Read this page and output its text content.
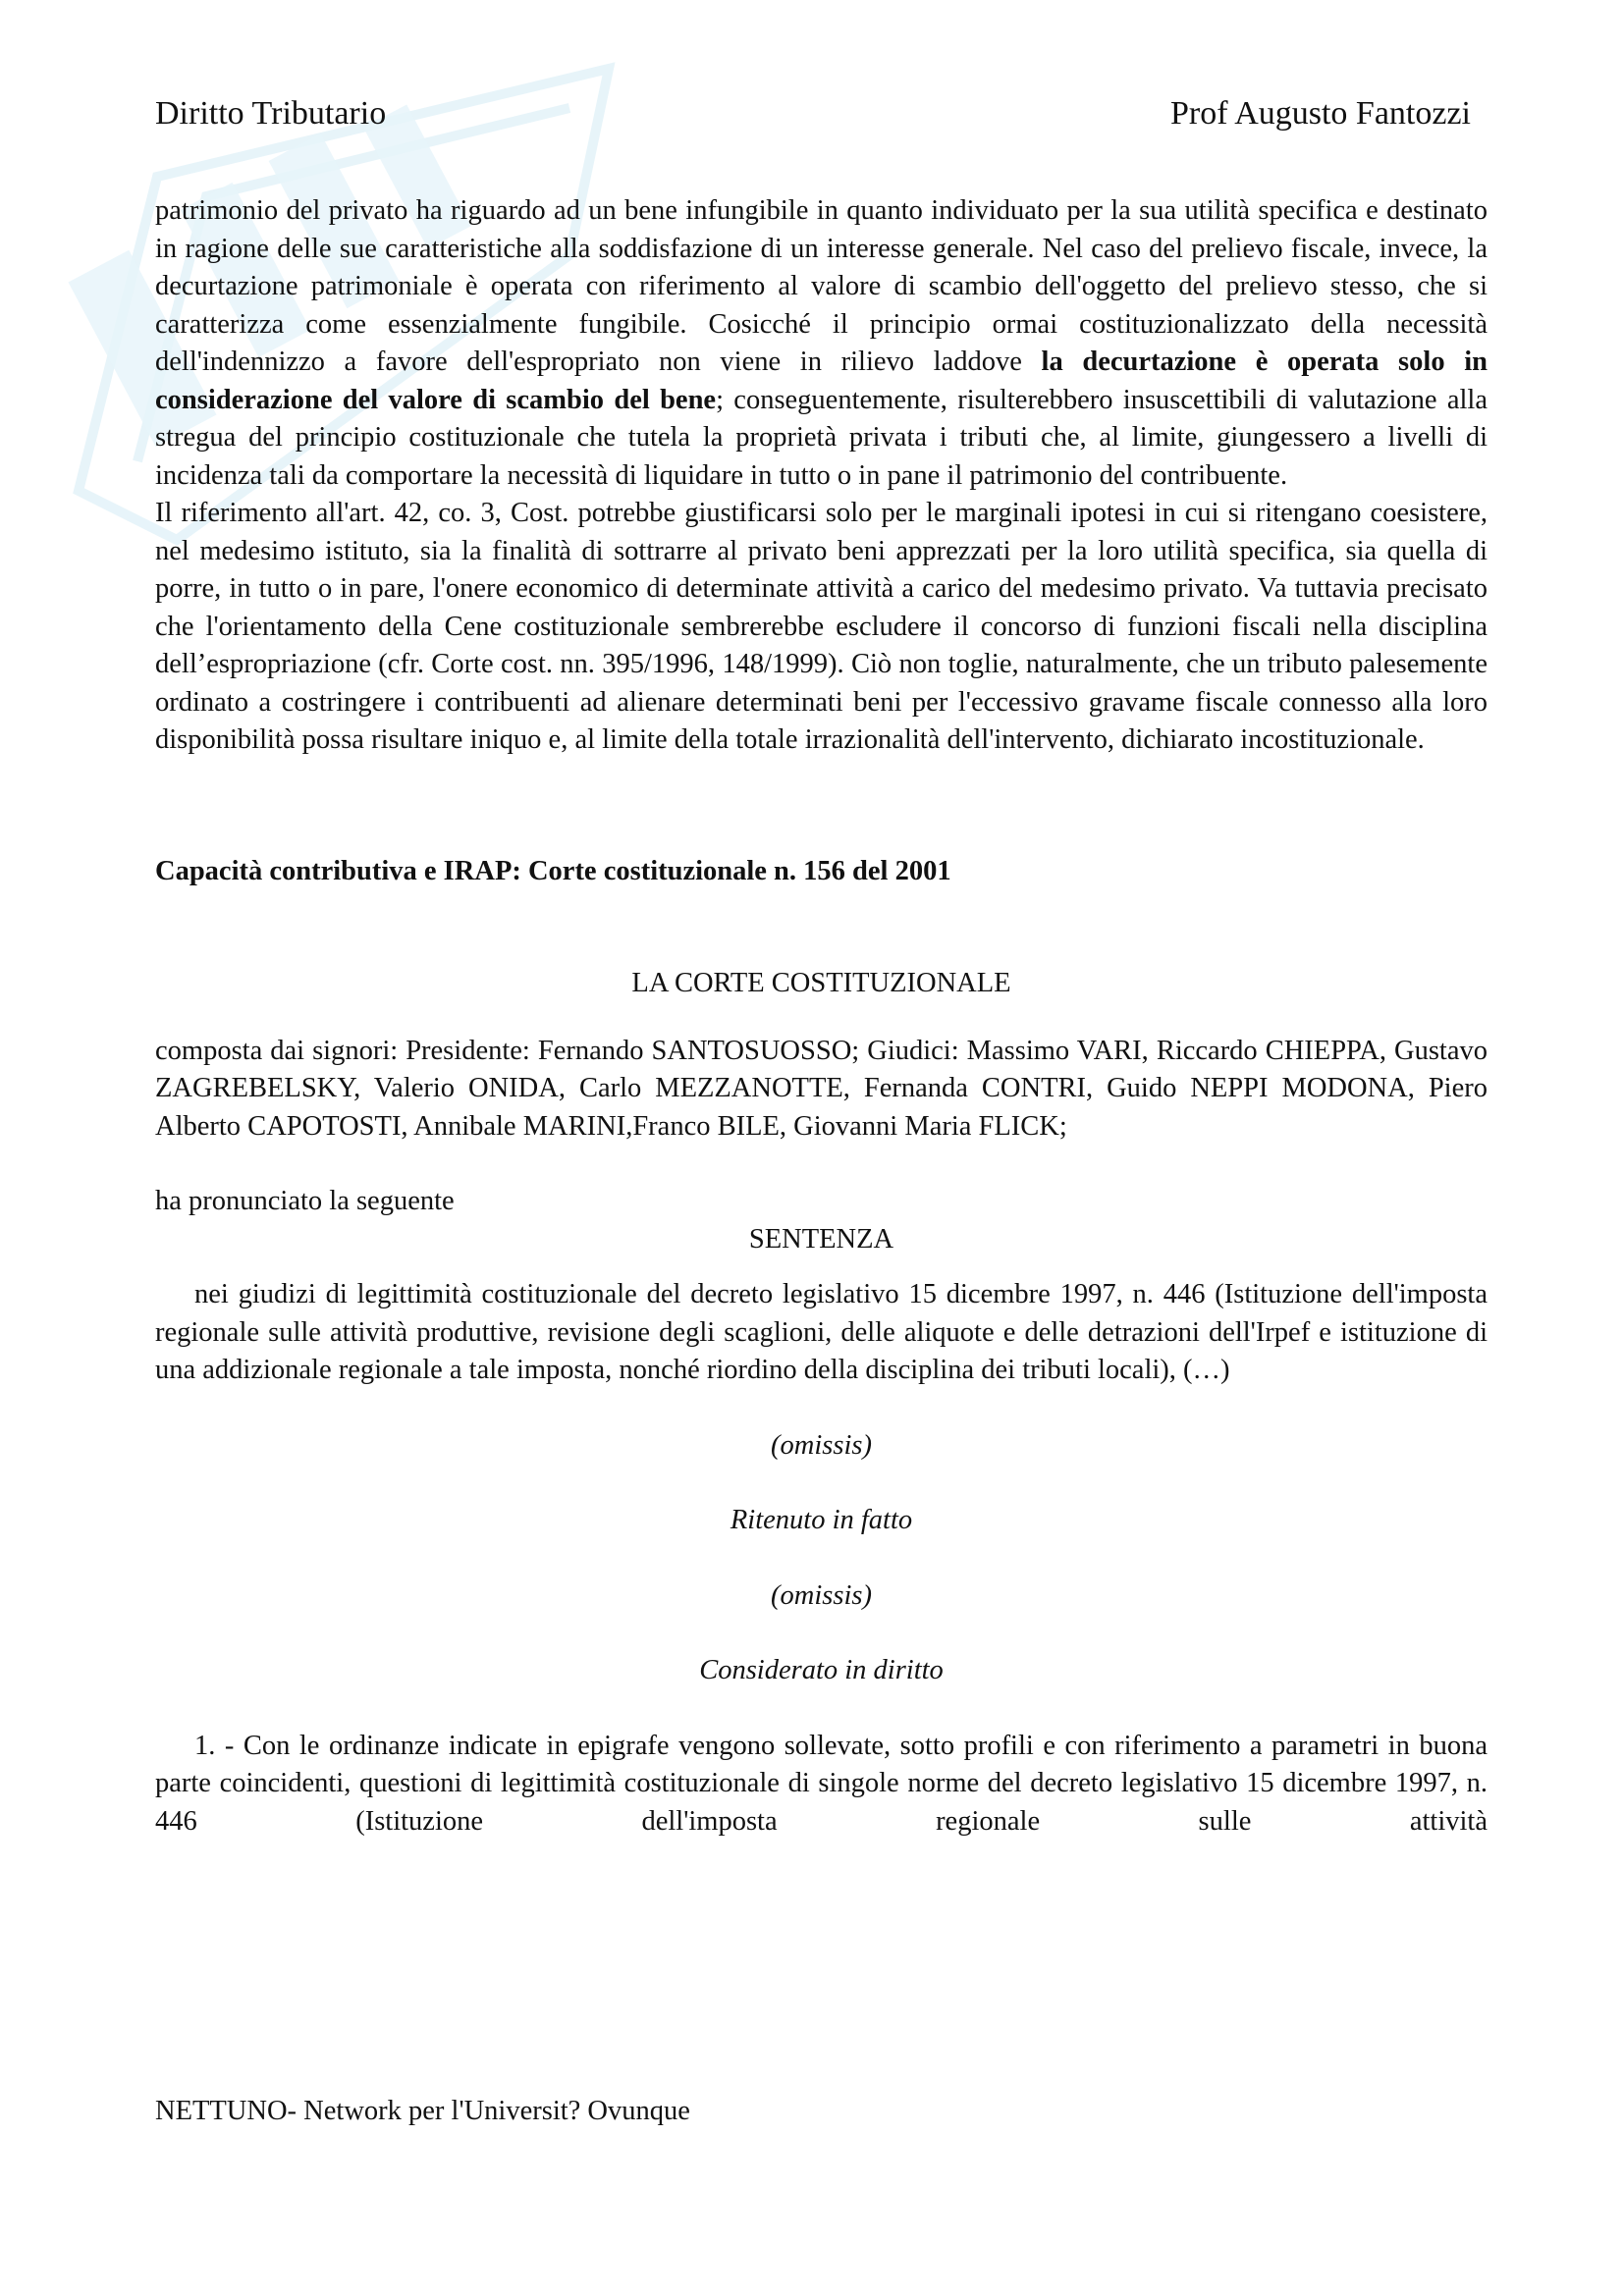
Diritto Tributario	Prof Augusto Fantozzi

patrimonio del privato ha riguardo ad un bene infungibile in quanto individuato per la sua utilità specifica e destinato in ragione delle sue caratteristiche alla soddisfazione di un interesse generale. Nel caso del prelievo fiscale, invece, la decurtazione patrimoniale è operata con riferimento al valore di scambio dell'oggetto del prelievo stesso, che si caratterizza come essenzialmente fungibile. Cosicché il principio ormai costituzionalizzato della necessità dell'indennizzo a favore dell'espropriato non viene in rilievo laddove la decurtazione è operata solo in considerazione del valore di scambio del bene; conseguentemente, risulterebbero insuscettibili di valutazione alla stregua del principio costituzionale che tutela la proprietà privata i tributi che, al limite, giungessero a livelli di incidenza tali da comportare la necessità di liquidare in tutto o in pane il patrimonio del contribuente.

Il riferimento all'art. 42, co. 3, Cost. potrebbe giustificarsi solo per le marginali ipotesi in cui si ritengano coesistere, nel medesimo istituto, sia la finalità di sottrarre al privato beni apprezzati per la loro utilità specifica, sia quella di porre, in tutto o in pare, l'onere economico di determinate attività a carico del medesimo privato. Va tuttavia precisato che l'orientamento della Cene costituzionale sembrerebbe escludere il concorso di funzioni fiscali nella disciplina dell’espropriazione (cfr. Corte cost. nn. 395/1996, 148/1999). Ciò non toglie, naturalmente, che un tributo palesemente ordinato a costringere i contribuenti ad alienare determinati beni per l'eccessivo gravame fiscale connesso alla loro disponibilità possa risultare iniquo e, al limite della totale irrazionalità dell'intervento, dichiarato incostituzionale.

Capacità contributiva e IRAP: Corte costituzionale n. 156 del 2001

LA CORTE COSTITUZIONALE

composta dai signori: Presidente: Fernando SANTOSUOSSO; Giudici: Massimo VARI, Riccardo CHIEPPA, Gustavo ZAGREBELSKY, Valerio ONIDA, Carlo MEZZANOTTE, Fernanda CONTRI, Guido NEPPI MODONA, Piero Alberto CAPOTOSTI, Annibale MARINI,Franco BILE, Giovanni Maria FLICK;

ha pronunciato la seguente

SENTENZA

nei giudizi di legittimità costituzionale del decreto legislativo 15 dicembre 1997, n. 446 (Istituzione dell'imposta regionale sulle attività produttive, revisione degli scaglioni, delle aliquote e delle detrazioni dell'Irpef e istituzione di una addizionale regionale a tale imposta, nonché riordino della disciplina dei tributi locali), (…)

(omissis)

Ritenuto in fatto

(omissis)

Considerato in diritto

1. - Con le ordinanze indicate in epigrafe vengono sollevate, sotto profili e con riferimento a parametri in buona parte coincidenti, questioni di legittimità costituzionale di singole norme del decreto legislativo 15 dicembre 1997, n. 446 (Istituzione dell'imposta regionale sulle attività

NETTUNO- Network per l'Universit? Ovunque
